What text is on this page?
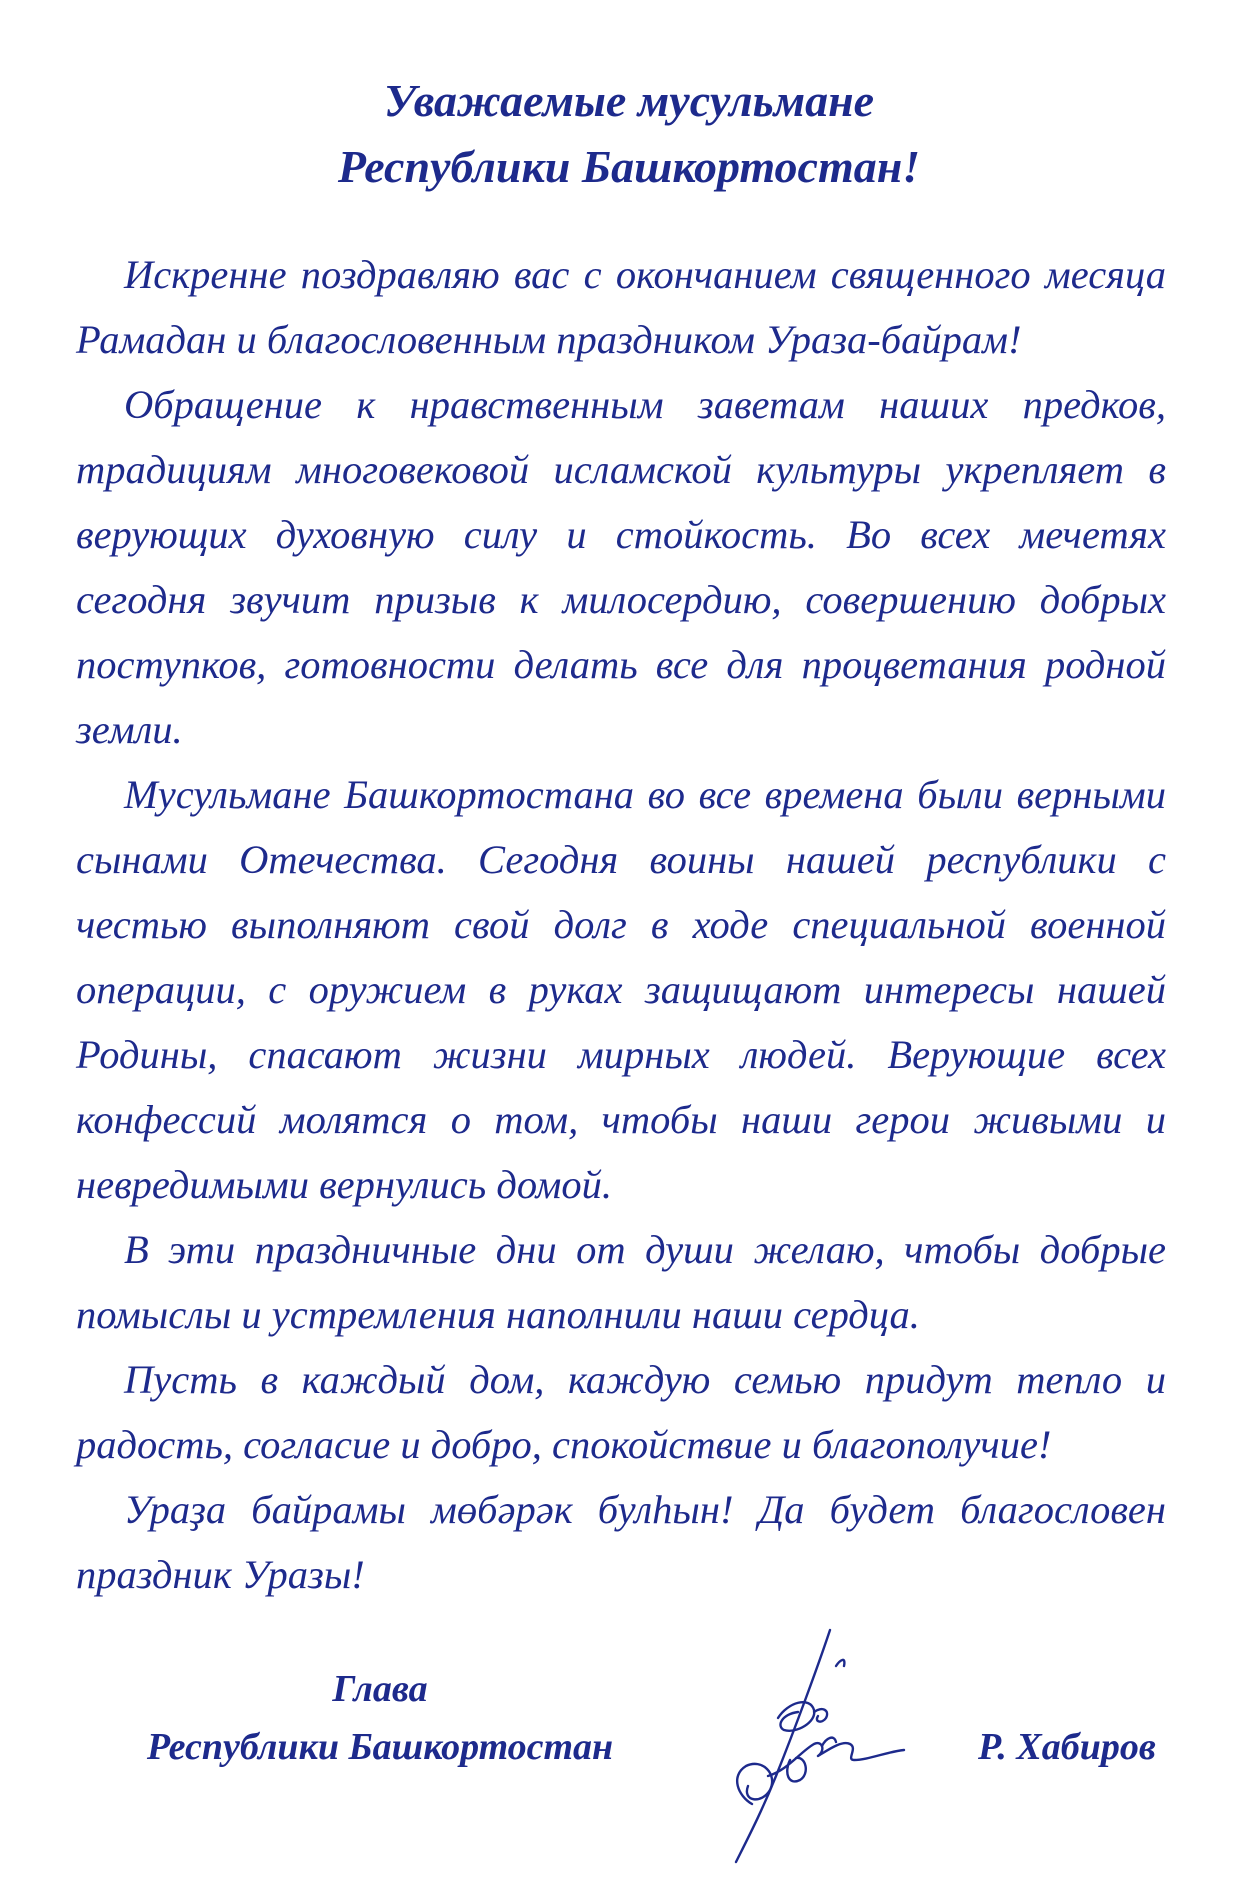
Уважаемые мусульмане
Республики Башкортостан!

Искренне поздравляю вас с окончанием священного месяца Рамадан и благословенным праздником Ураза-байрам!

Обращение к нравственным заветам наших предков, традициям многовековой исламской культуры укрепляет в верующих духовную силу и стойкость. Во всех мечетях сегодня звучит призыв к милосердию, совершению добрых поступков, готовности делать все для процветания родной земли.

Мусульмане Башкортостана во все времена были верными сынами Отечества. Сегодня воины нашей республики с честью выполняют свой долг в ходе специальной военной операции, с оружием в руках защищают интересы нашей Родины, спасают жизни мирных людей. Верующие всех конфессий молятся о том, чтобы наши герои живыми и невредимыми вернулись домой.

В эти праздничные дни от души желаю, чтобы добрые помыслы и устремления наполнили наши сердца.

Пусть в каждый дом, каждую семью придут тепло и радость, согласие и добро, спокойствие и благополучие!

Ураҙа байрамы мөбәрәк булһын! Да будет благословен праздник Уразы!

Глава
Республики Башкортостан	Р. Хабиров
